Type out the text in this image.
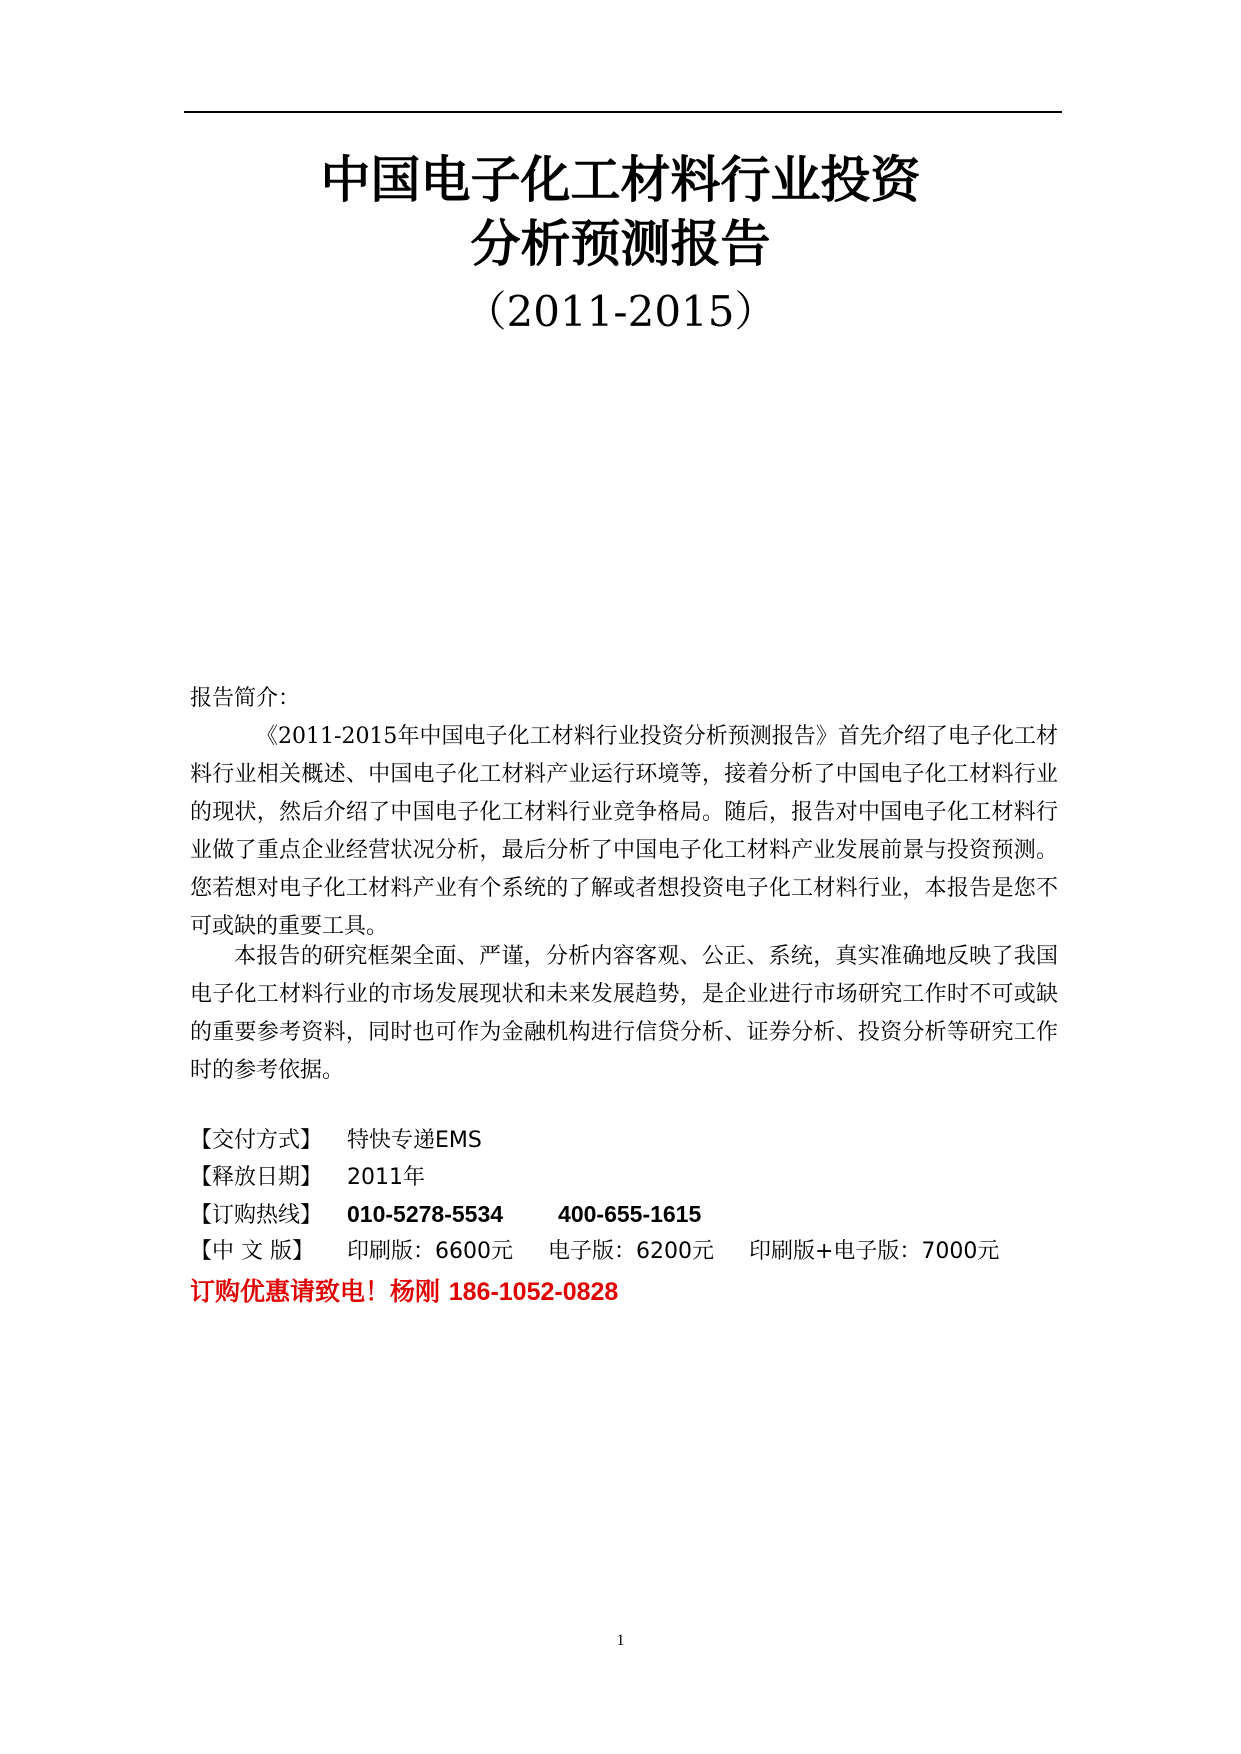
中国电子化工材料行业投资
分析预测报告
（2011-2015）
报告简介：
《2011-2015年中国电子化工材料行业投资分析预测报告》首先介绍了电子化工材料行业相关概述、中国电子化工材料产业运行环境等，接着分析了中国电子化工材料行业的现状，然后介绍了中国电子化工材料行业竞争格局。随后，报告对中国电子化工材料行业做了重点企业经营状况分析，最后分析了中国电子化工材料产业发展前景与投资预测。您若想对电子化工材料产业有个系统的了解或者想投资电子化工材料行业，本报告是您不可或缺的重要工具。
本报告的研究框架全面、严谨，分析内容客观、公正、系统，真实准确地反映了我国电子化工材料行业的市场发展现状和未来发展趋势，是企业进行市场研究工作时不可或缺的重要参考资料，同时也可作为金融机构进行信贷分析、证券分析、投资分析等研究工作时的参考依据。
【交付方式】 特快专递EMS
【释放日期】 2011年
【订购热线】 010-5278-5534 400-655-1615
【中 文 版】 印刷版：6600元 电子版：6200元 印刷版+电子版：7000元
订购优惠请致电！杨刚 186-1052-0828
1
